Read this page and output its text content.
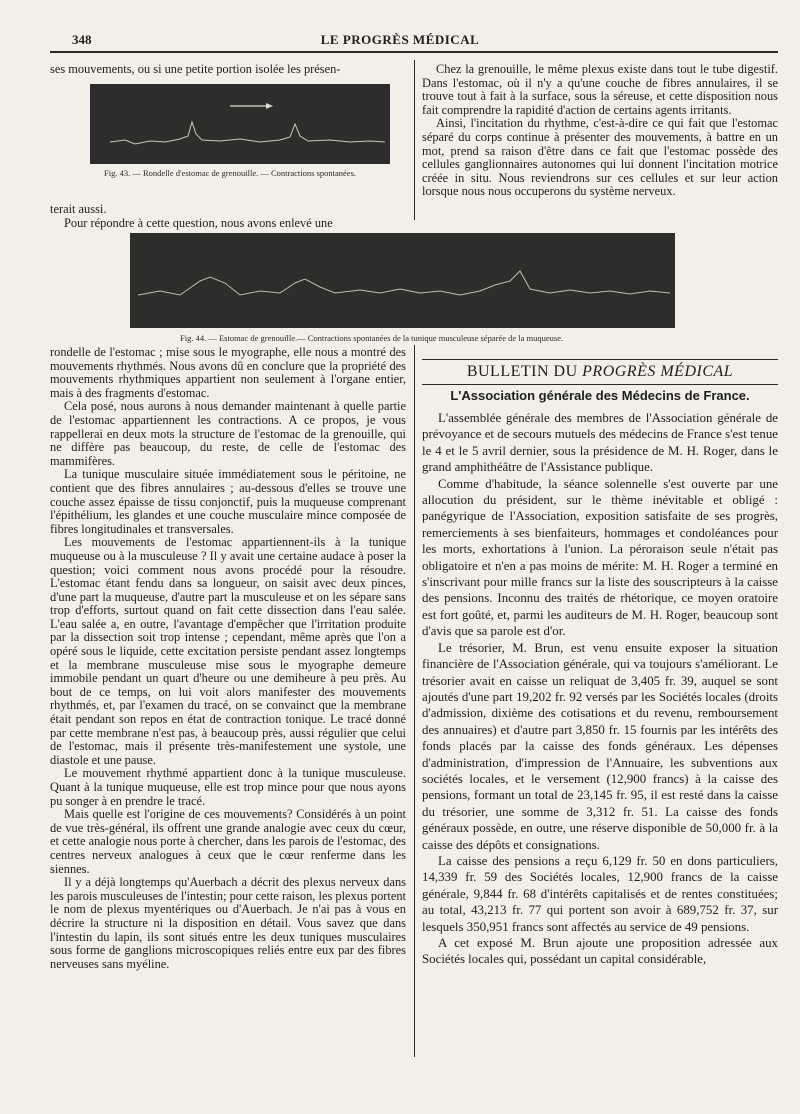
348	LE PROGRÈS MÉDICAL

ses mouvements, ou si une petite portion isolée les présen-

Fig. 43. — Rondelle d'estomac de grenouille. — Contractions spontanées.

terait aussi.

Pour répondre à cette question, nous avons enlevé une

Chez la grenouille, le même plexus existe dans tout le tube digestif. Dans l'estomac, où il n'y a qu'une couche de fibres annulaires, il se trouve tout à fait à la surface, sous la séreuse, et cette disposition nous fait comprendre la rapidité d'action de certains agents irritants.

Ainsi, l'incitation du rhythme, c'est-à-dire ce qui fait que l'estomac séparé du corps continue à présenter des mouvements, à battre en un mot, prend sa raison d'être dans ce fait que l'estomac possède des cellules ganglionnaires autonomes qui lui donnent l'incitation motrice créée in situ. Nous reviendrons sur ces cellules et sur leur action lorsque nous nous occuperons du système nerveux.

Fig. 44. — Estomac de grenouille.— Contractions spontanées de la tunique musculeuse séparée de la muqueuse.

rondelle de l'estomac ; mise sous le myographe, elle nous a montré des mouvements rhythmés. Nous avons dû en conclure que la propriété des mouvements rhythmiques appartient non seulement à l'organe entier, mais à des fragments d'estomac.

Cela posé, nous aurons à nous demander maintenant à quelle partie de l'estomac appartiennent les contractions. A ce propos, je vous rappellerai en deux mots la structure de l'estomac de la grenouille, qui ne diffère pas beaucoup, du reste, de celle de l'estomac des mammifères.

La tunique musculaire située immédiatement sous le péritoine, ne contient que des fibres annulaires ; au-dessous d'elles se trouve une couche assez épaisse de tissu conjonctif, puis la muqueuse comprenant l'épithélium, les glandes et une couche musculaire mince composée de fibres longitudinales et transversales.

Les mouvements de l'estomac appartiennent-ils à la tunique muqueuse ou à la musculeuse ? Il y avait une certaine audace à poser la question; voici comment nous avons procédé pour la résoudre. L'estomac étant fendu dans sa longueur, on saisit avec deux pinces, d'une part la muqueuse, d'autre part la musculeuse et on les sépare sans trop d'efforts, surtout quand on fait cette dissection dans l'eau salée. L'eau salée a, en outre, l'avantage d'empêcher que l'irritation produite par la dissection soit trop intense ; cependant, même après que l'on a opéré sous le liquide, cette excitation persiste pendant assez longtemps et la membrane musculeuse mise sous le myographe demeure immobile pendant un quart d'heure ou une demiheure à peu près. Au bout de ce temps, on lui voit alors manifester des mouvements rhythmés, et, par l'examen du tracé, on se convainct que la membrane était pendant son repos en état de contraction tonique. Le tracé donné par cette membrane n'est pas, à beaucoup près, aussi régulier que celui de l'estomac, mais il présente très-manifestement une systole, une diastole et une pause.

Le mouvement rhythmé appartient donc à la tunique musculeuse. Quant à la tunique muqueuse, elle est trop mince pour que nous ayons pu songer à en prendre le tracé.

Mais quelle est l'origine de ces mouvements? Considérés à un point de vue très-général, ils offrent une grande analogie avec ceux du cœur, et cette analogie nous porte à chercher, dans les parois de l'estomac, des centres nerveux analogues à ceux que le cœur renferme dans les siennes.

Il y a déjà longtemps qu'Auerbach a décrit des plexus nerveux dans les parois musculeuses de l'intestin; pour cette raison, les plexus portent le nom de plexus myentériques ou d'Auerbach. Je n'ai pas à vous en décrire la structure ni la disposition en détail. Vous savez que dans l'intestin du lapin, ils sont situés entre les deux tuniques musculaires sous forme de ganglions microscopiques reliés entre eux par des fibres nerveuses sans myéline.

BULLETIN DU PROGRÈS MÉDICAL
L'Association générale des Médecins de France.

L'assemblée générale des membres de l'Association générale de prévoyance et de secours mutuels des médecins de France s'est tenue le 4 et le 5 avril dernier, sous la présidence de M. H. Roger, dans le grand amphithéâtre de l'Assistance publique.

Comme d'habitude, la séance solennelle s'est ouverte par une allocution du président, sur le thème inévitable et obligé : panégyrique de l'Association, exposition satisfaite de ses progrès, remerciements à ses bienfaiteurs, hommages et condoléances pour les morts, exhortations à l'union. La péroraison seule n'était pas obligatoire et n'en a pas moins de mérite: M. H. Roger a terminé en s'inscrivant pour mille francs sur la liste des souscripteurs à la caisse des pensions. Inconnu des traités de rhétorique, ce moyen oratoire est fort goûté, et, parmi les auditeurs de M. H. Roger, beaucoup sont d'avis que sa parole est d'or.

Le trésorier, M. Brun, est venu ensuite exposer la situation financière de l'Association générale, qui va toujours s'améliorant. Le trésorier avait en caisse un reliquat de 3,405 fr. 39, auquel se sont ajoutés d'une part 19,202 fr. 92 versés par les Sociétés locales (droits d'admission, dixième des cotisations et du revenu, remboursement des annuaires) et d'autre part 3,850 fr. 15 fournis par les intérêts des fonds placés par la caisse des fonds généraux. Les dépenses d'administration, d'impression de l'Annuaire, les subventions aux sociétés locales, et le versement (12,900 francs) à la caisse des pensions, formant un total de 23,145 fr. 95, il est resté dans la caisse du trésorier, une somme de 3,312 fr. 51. La caisse des fonds généraux possède, en outre, une réserve disponible de 50,000 fr. à la caisse des dépôts et consignations.

La caisse des pensions a reçu 6,129 fr. 50 en dons particuliers, 14,339 fr. 59 des Sociétés locales, 12,900 francs de la caisse générale, 9,844 fr. 68 d'intérêts capitalisés et de rentes constituées; au total, 43,213 fr. 77 qui portent son avoir à 689,752 fr. 37, sur lesquels 350,951 francs sont affectés au service de 49 pensions.

A cet exposé M. Brun ajoute une proposition adressée aux Sociétés locales qui, possédant un capital considérable,
